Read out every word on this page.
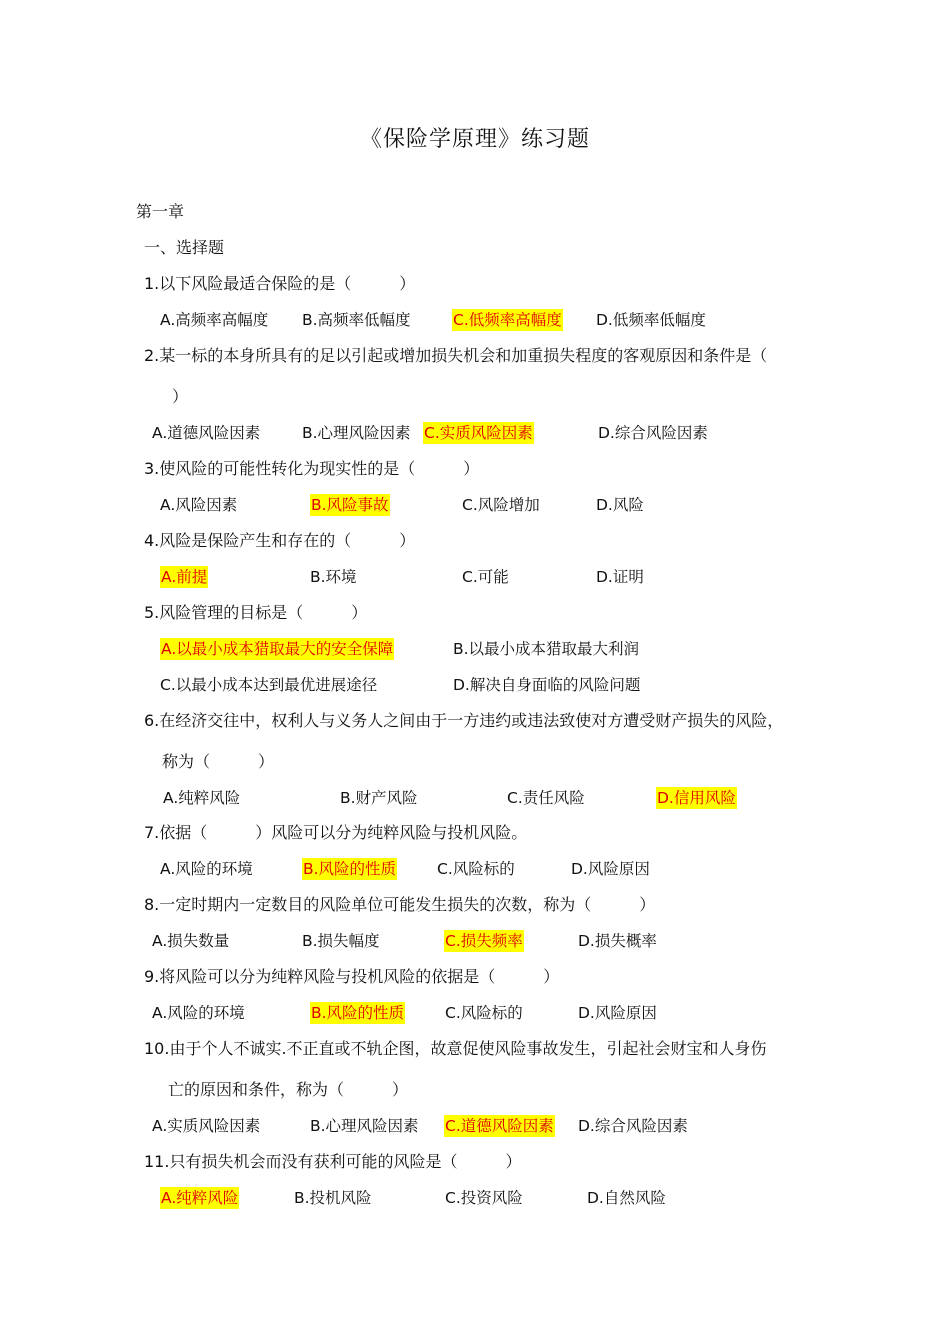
《保险学原理》练习题
第一章
一、选择题
1.以下风险最适合保险的是（　　　）
A.高频率高幅度 B.高频率低幅度	C.低频率高幅度 D.低频率低幅度
2.某一标的本身所具有的足以引起或增加损失机会和加重损失程度的客观原因和条件是（
）
A.道德风险因素	B.心理风险因素 C.实质风险因素	D.综合风险因素
3.使风险的可能性转化为现实性的是（　　　）
A.风险因素	B.风险事故	C.风险增加	D.风险
4.风险是保险产生和存在的（　　　）
A.前提	B.环境	C.可能	D.证明
5.风险管理的目标是（　　　）
A.以最小成本猎取最大的安全保障	B.以最小成本猎取最大利润
C.以最小成本达到最优进展途径	D.解决自身面临的风险问题
6.在经济交往中，权利人与义务人之间由于一方违约或违法致使对方遭受财产损失的风险，
称为（　　　）
A.纯粹风险	B.财产风险	C.责任风险	D.信用风险
7.依据（　　　）风险可以分为纯粹风险与投机风险。
A.风险的环境	B.风险的性质	C.风险标的	D.风险原因
8.一定时期内一定数目的风险单位可能发生损失的次数，称为（　　　）
A.损失数量	B.损失幅度	C.损失频率	D.损失概率
9.将风险可以分为纯粹风险与投机风险的依据是（　　　）
A.风险的环境	B.风险的性质	C.风险标的	D.风险原因
10.由于个人不诚实.不正直或不轨企图，故意促使风险事故发生，引起社会财宝和人身伤
亡的原因和条件，称为（　　　）
A.实质风险因素	B.心理风险因素 C.道德风险因素 D.综合风险因素
11.只有损失机会而没有获利可能的风险是（　　　）
A.纯粹风险	B.投机风险	C.投资风险	D.自然风险
